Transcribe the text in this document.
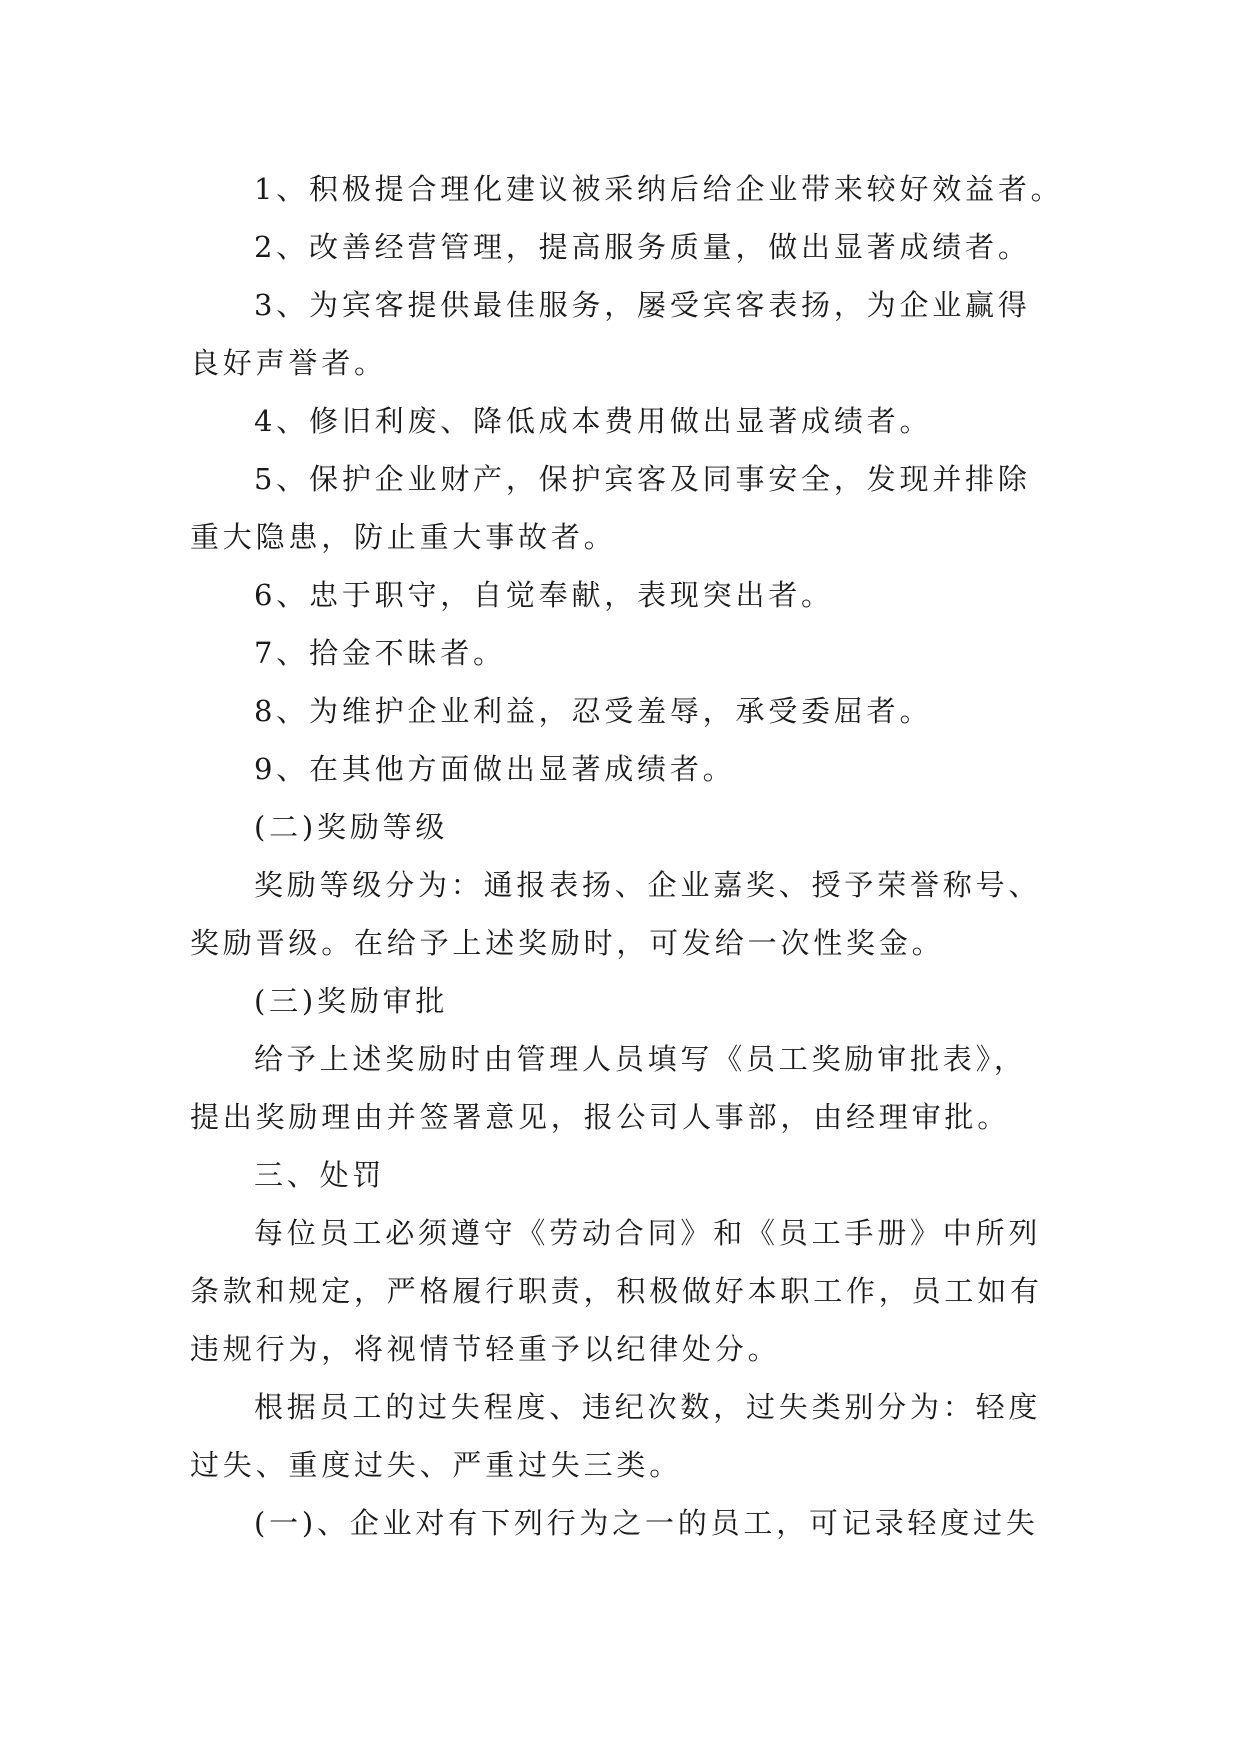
1、积极提合理化建议被采纳后给企业带来较好效益者。
2、改善经营管理，提高服务质量，做出显著成绩者。
3、为宾客提供最佳服务，屡受宾客表扬，为企业赢得
良好声誉者。
4、修旧利废、降低成本费用做出显著成绩者。
5、保护企业财产，保护宾客及同事安全，发现并排除
重大隐患，防止重大事故者。
6、忠于职守，自觉奉献，表现突出者。
7、拾金不昧者。
8、为维护企业利益，忍受羞辱，承受委屈者。
9、在其他方面做出显著成绩者。
(二)奖励等级
奖励等级分为：通报表扬、企业嘉奖、授予荣誉称号、
奖励晋级。在给予上述奖励时，可发给一次性奖金。
(三)奖励审批
给予上述奖励时由管理人员填写《员工奖励审批表》，
提出奖励理由并签署意见，报公司人事部，由经理审批。
三、处罚
每位员工必须遵守《劳动合同》和《员工手册》中所列
条款和规定，严格履行职责，积极做好本职工作，员工如有
违规行为，将视情节轻重予以纪律处分。
根据员工的过失程度、违纪次数，过失类别分为：轻度
过失、重度过失、严重过失三类。
(一)、企业对有下列行为之一的员工，可记录轻度过失
